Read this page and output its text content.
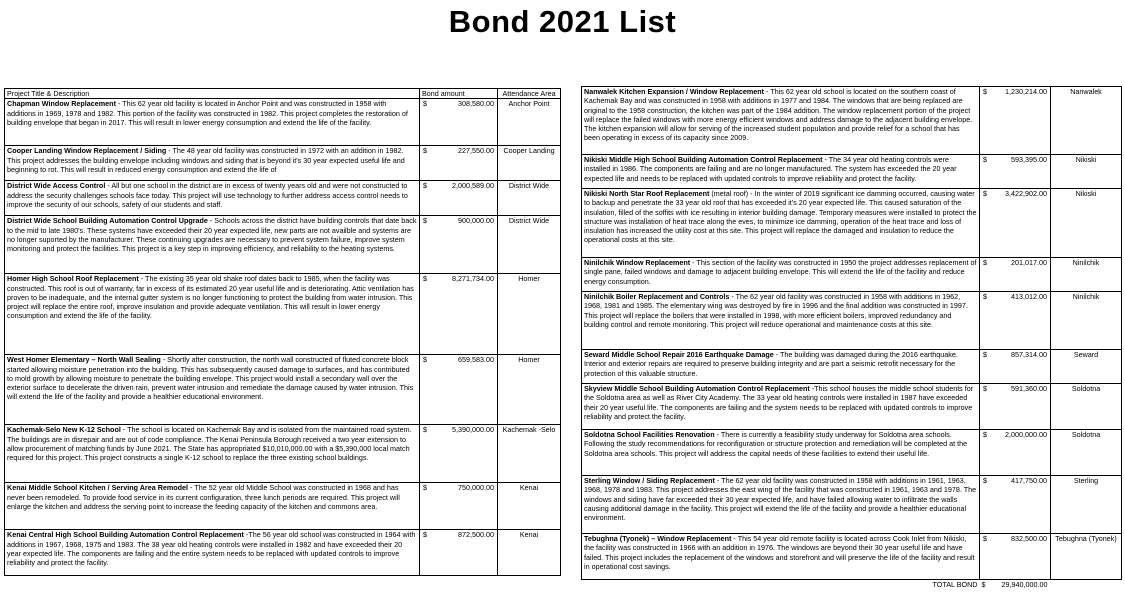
Bond 2021 List
Project Title & Description	Bond amount		Attendance Area
Chapman Window Replacement - This 62 year old facility is located in Anchor Point and was constructed in 1958 with additions in 1969, 1978 and 1982. This portion of the facility was constructed in 1982. This project completes the restoration of building envelope that began in 2017. This will result in lower energy consumption and extend the life of the facility.	$	308,580.00	Anchor Point
Cooper Landing Window Replacement / Siding - The 48 year old facility was constructed in 1972 with an addition in 1982. This project addresses the building envelope including windows and siding that is beyond it's 30 year expected useful life and beginning to rot. This will result in reduced energy consumption and extend the life of	$	227,550.00	Cooper Landing
District Wide Access Control - All but one school in the district are in excess of twenty years old and were not constructed to address the security challenges schools face today. This project will use technology to further address access control needs to improve the security of our schools, safety of our students and staff.	$	2,000,589.00	District Wide
District Wide School Building Automation Control Upgrade - Schools across the district have building controls that date back to the mid to late 1980's. These systems have exceeded their 20 year expected life, new parts are not availble and systems are no longer suported by the manufacturer. These continuing upgrades are necessary to prevent system failure, improve system monitoring and protect the facilities. This project is a key step in improving efficiency, and reliability to the heating systems.	$	900,000.00	District Wide
Homer High School Roof Replacement - The existing 35 year old shake roof dates back to 1985, when the facility was constructed. This roof is out of warranty, far in excess of its estimated 20 year useful life and is deteriorating. Attic ventilation has proven to be inadequate, and the internal gutter system is no longer functioning to protect the building from water intrusion. This project will replace the entire roof, improve insulation and provide adequate ventilation. This will result in lower energy consumption and extend the life of the facility.	$	8,271,734.00	Homer
West Homer Elementary – North Wall Sealing - Shortly after construction, the north wall constructed of fluted concrete block started allowing moisture penetration into the building. This has subsequently caused damage to surfaces, and has contributed to mold growth by allowing moisture to penetrate the building envelope. This project would install a secondary wall over the exterior surface to decelerate the driven rain, prevent water intrusion and remediate the damage caused by water intrusion. This will extend the life of the facility and provide a healthier educational environment.	$	659,583.00	Homer
Kachemak-Selo New K-12 School - The school is located on Kachemak Bay and is isolated from the maintained road system. The buildings are in disrepair and are out of code compliance. The Kenai Peninsula Borough received a two year extension to allow procurement of matching funds by June 2021. The State has appropriated $10,010,000.00 with a $5,390,000 local match required for this project. This project constructs a single K-12 school to replace the three existing school buildings.	$	5,390,000.00	Kachemak -Selo
Kenai Middle School Kitchen / Serving Area Remodel - The 52 year old Middle School was constructed in 1968 and has never been remodeled. To provide food service in its current configuration, three lunch periods are required. This project will enlarge the kitchen and address the serving point to increase the feeding capacity of the kitchen and commons area.	$	750,000.00	Kenai
Kenai Central High School Building Automation Control Replacement -The 56 year old school was constructed in 1964 with additions in 1967, 1968, 1975 and 1983. The 38 year old heating controls were installed in 1982 and have exceeded their 20 year expected life. The components are failing and the entire system needs to be replaced with updated controls to improve reliability and protect the facility.	$	872,500.00	Kenai
Nanwalek Kitchen Expansion / Window Replacement - This 62 year old school is located on the southern coast of Kachemak Bay and was constructed in 1958 with additions in 1977 and 1984. The windows that are being replaced are original to the 1958 construction, the kitchen was part of the 1984 addition. The window replacement portion of the project will replace the failed windows with more energy efficient windows and address damage to the adjacent building envelope. The kitchen expansion will allow for serving of the increased student population and provide relief for a school that has been operating in excess of its capacity since 2009.	$	1,230,214.00	Nanwalek
Nikiski Middle High School Building Automation Control Replacement - The 34 year old heating controls were installed in 1986. The components are failing and are no longer manufactured. The system has exceeded the 20 year expected life and needs to be replaced with updated controls to improve reliability and protect the facility.	$	593,395.00	Nikiski
Nikiski North Star Roof Replacement (metal roof) - In the winter of 2019 significant ice damming occurred, causing water to backup and penetrate the 33 year old roof that has exceeded it's 20 year expected life. This caused saturation of the insulation, filled of the soffits with ice resulting in interior building damage. Temporary measures were installed to protect the structure was installation of heat trace along the eves, to minimize ice damming, operation of the heat trace and loss of insulation has increased the utility cost at this site. This project will replace the damaged and insulation to reduce the operational costs at this site.	$	3,422,902.00	Nikiski
Ninilchik Window Replacement - This section of the facility was constructed in 1950 the project addresses replacement of single pane, failed windows and damage to adjacent building envelope. This will extend the life of the facility and reduce energy consumption.	$	201,017.00	Ninilchik
Ninilchik Boiler Replacement and Controls - The 62 year old facility was constructed in 1958 with additions in 1962, 1968, 1981 and 1985. The elementary wing was destroyed by fire in 1996 and the final addition was constructed in 1997. This project will replace the boilers that were installed in 1998, with more efficient boilers, improved redundancy and building control and remote monitoring. This project will reduce operational and maintenance costs at this site.	$	413,012.00	Ninilchik
Seward Middle School Repair 2016 Earthquake Damage - The building was damaged during the 2016 earthquake. Interior and exterior repairs are required to preserve building integrity and are part a seismic retrofit necessary for the protection of this valuable structure.	$	857,314.00	Seward
Skyview Middle School Building Automation Control Replacement -This school houses the middle school students for the Soldotna area as well as River City Academy. The 33 year old heating controls were installed in 1987 have exceeded their 20 year useful life. The components are failing and the system needs to be replaced with updated controls to improve reliability and protect the facility.	$	591,360.00	Soldotna
Soldotna School Facilities Renovation - There is currently a feasibility study underway for Soldotna area schools. Following the study recommendations for reconfiguration or structure protection and remediation will be completed at the Soldotna area schools. This project will address the capital needs of these facilities to extend their useful life.	$	2,000,000.00	Soldotna
Sterling Window / Siding Replacement - The 62 year old facility was constructed in 1958 with additions in 1961, 1963, 1968, 1978 and 1983. This project addresses the east wing of the facility that was constructed in 1961, 1963 and 1978. The windows and siding have far exceeded their 30 year expected life, and have failed allowing water to infiltrate the walls causing additional damage in the facility. This project will extend the life of the facility and provide a healthier educational environment.	$	417,750.00	Sterling
Tebughna (Tyonek) – Window Replacement - This 54 year old remote facility is located across Cook Inlet from Nikiski, the facility was constructed in 1966 with an addition in 1976. The windows are beyond their 30 year useful life and have failed. This project includes the replacement of the windows and storefront and will preserve the life of the facility and result in operational cost savings.	$	832,500.00	Tebughna (Tyonek)
TOTAL BOND	$	29,940,000.00	
